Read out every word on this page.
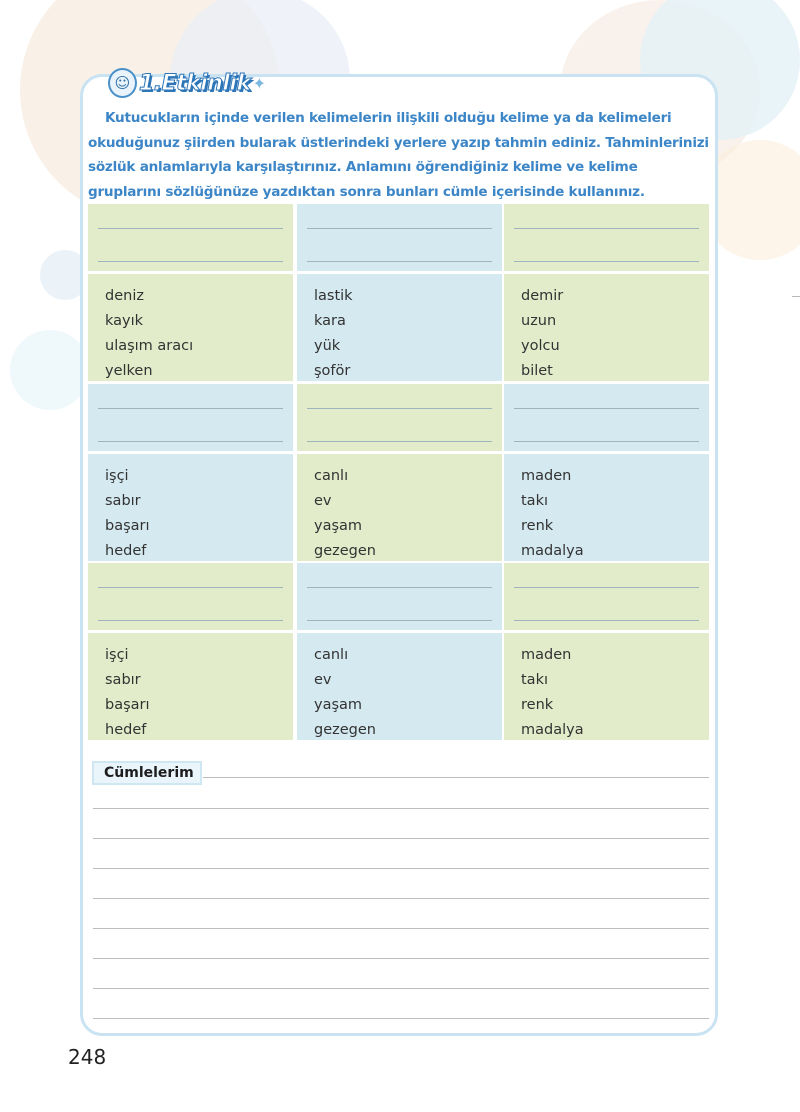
☺ 1.Etkinlik ✦

Kutucukların içinde verilen kelimelerin ilişkili olduğu kelime ya da kelimeleri okuduğunuz şiirden bularak üstlerindeki yerlere yazıp tahmin ediniz. Tahminlerinizi sözlük anlamlarıyla karşılaştırınız. Anlamını öğrendiğiniz kelime ve kelime gruplarını sözlüğünüze yazdıktan sonra bunları cümle içerisinde kullanınız.

deniz
kayık
ulaşım aracı
yelken
lastik
kara
yük
şoför
demir
uzun
yolcu
bilet
işçi
sabır
başarı
hedef
canlı
ev
yaşam
gezegen
maden
takı
renk
madalya
işçi
sabır
başarı
hedef
canlı
ev
yaşam
gezegen
maden
takı
renk
madalya
Cümlelerim
248
